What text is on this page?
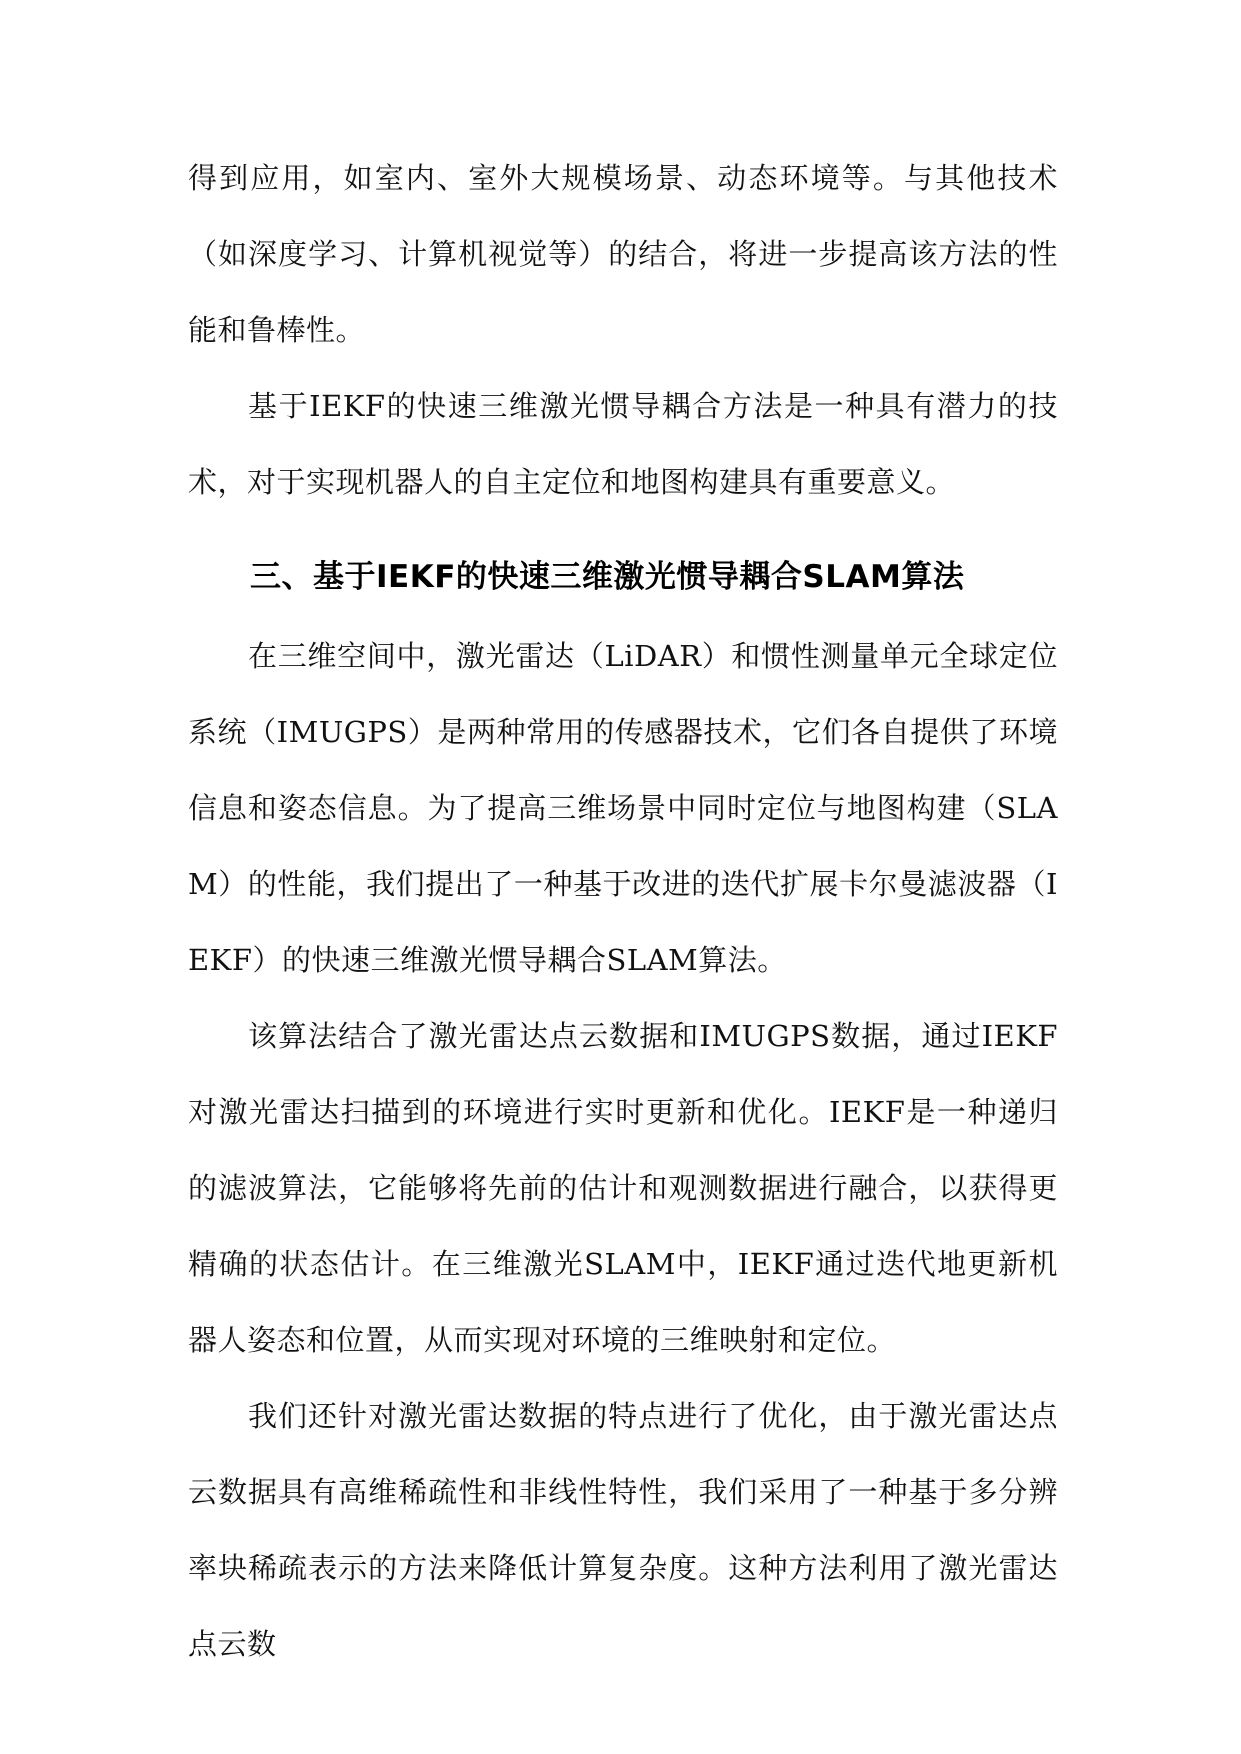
得到应用，如室内、室外大规模场景、动态环境等。与其他技术（如深度学习、计算机视觉等）的结合，将进一步提高该方法的性能和鲁棒性。

基于IEKF的快速三维激光惯导耦合方法是一种具有潜力的技术，对于实现机器人的自主定位和地图构建具有重要意义。

三、基于IEKF的快速三维激光惯导耦合SLAM算法

在三维空间中，激光雷达（LiDAR）和惯性测量单元全球定位系统（IMUGPS）是两种常用的传感器技术，它们各自提供了环境信息和姿态信息。为了提高三维场景中同时定位与地图构建（SLAM）的性能，我们提出了一种基于改进的迭代扩展卡尔曼滤波器（IEKF）的快速三维激光惯导耦合SLAM算法。

该算法结合了激光雷达点云数据和IMUGPS数据，通过IEKF对激光雷达扫描到的环境进行实时更新和优化。IEKF是一种递归的滤波算法，它能够将先前的估计和观测数据进行融合，以获得更精确的状态估计。在三维激光SLAM中，IEKF通过迭代地更新机器人姿态和位置，从而实现对环境的三维映射和定位。

我们还针对激光雷达数据的特点进行了优化，由于激光雷达点云数据具有高维稀疏性和非线性特性，我们采用了一种基于多分辨率块稀疏表示的方法来降低计算复杂度。这种方法利用了激光雷达点云数
